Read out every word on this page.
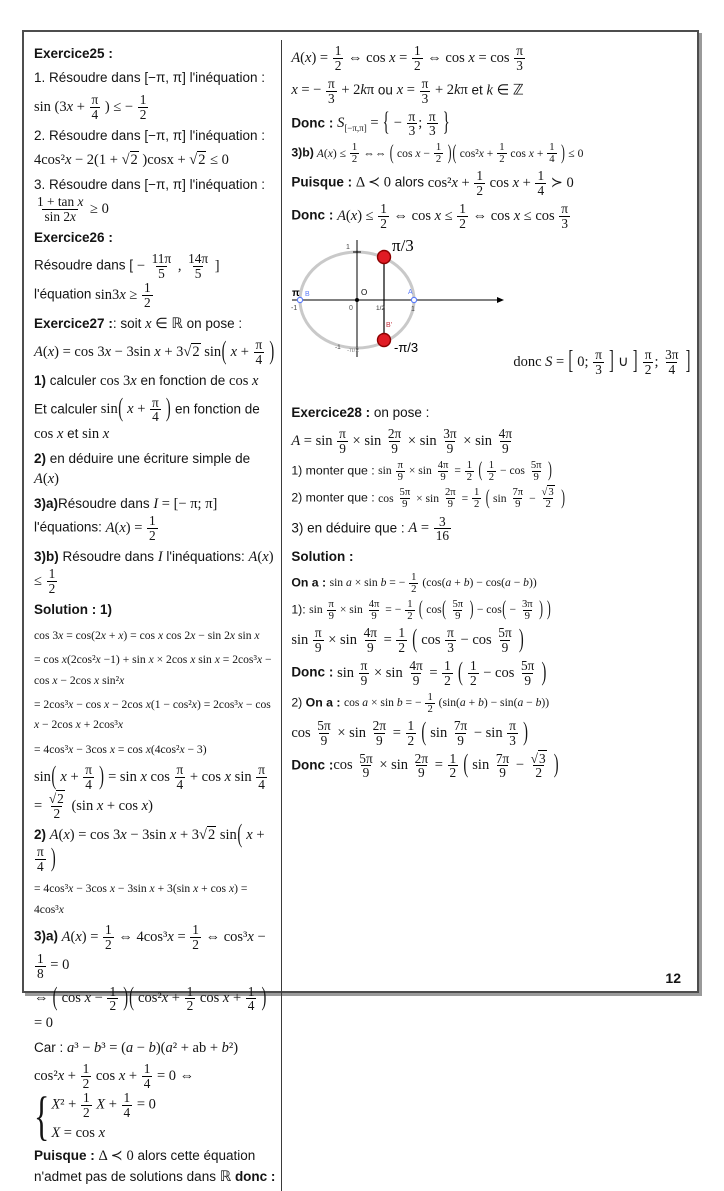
Exercice25 :
1. Résoudre dans [−π, π] l'inéquation :
$\sin (3x + \frac{\pi}{4}$ ) ≤ − $\frac{1}{2}$
2. Résoudre dans [−π, π] l'inéquation :
4cos²x − 2(1 + √2 )cosx + √2 ≤ 0
3. Résoudre dans [−π, π] l'inéquation :
$\frac{\text{1 + tan x}}{\sin 2x} \ge 0$
Exercice26 :
Résoudre dans [ − $\frac{11\pi}{5}$ , $\frac{14\pi}{5}$ ] l'équation $\sin 3x \ge \frac{1}{2}$
Exercice27 :: soit x ∈ ℝ on pose :
A(x) = cos 3x − 3sin x + 3√2 sin( $x + \frac{\pi}{4}$ )
1) calculer cos 3x en fonction de cos x
Et calculer sin( $x + \frac{\pi}{4}$ ) en fonction de cos x et sin x
2) en déduire une écriture simple de A(x)
3)a)Résoudre dans I = [− π; π] l'équations: $A(x) = \frac{1}{2}$
3)b) Résoudre dans I l'inéquations: $A(x) \le \frac{1}{2}$
Solution : 1)
cos 3x = cos(2x + x) = cos x cos 2x − sin 2x sin x
= cos x(2cos²x −1) + sin x × 2cos x sin x = 2cos³x − cos x − 2cos x sin²x
= 2cos³x − cos x − 2cos x(1 − cos²x) = 2cos³x − cos x − 2cos x + 2cos³x
= 4cos³x − 3cos x = cos x(4cos²x − 3)
sin( $x + \frac{\pi}{4}$ ) = sin x $\cos \frac{\pi}{4} + \cos x$ $\sin \frac{\pi}{4}$
= $\frac{√2}{2} (\sin$ x + cos x)
2) A(x) = cos 3x − 3sin x + 3√2 sin( x +
$\frac{\pi}{4}$ )
= 4cos³x − 3cos x − 3sin x + 3(sin x + cos x) = 4cos³x
3)a) $A(x) = \frac{1}{2}$ ⇔ $4\cos^3x = \frac{1}{2}$ ⇔ cos³x −
$\frac{1}{8} = 0$
⇔ ( $\cos x - \frac{1}{2}$ )( $\cos^2x + \frac{1}{2}$ $\cos x + \frac{1}{4}$ ) = 0
Car : a³ − b³ = (a − b)(a² + ab + b²)
$\cos^2x + \frac{1}{2}$ $\cos x + \frac{1}{4} = 0$ ⇔
{ $X^2 + \frac{1}{2}$ $X + \frac{1}{4} = 0$
X = cos x
Puisque : Δ ≺ 0 alors cette équation n'admet pas de solutions dans ℝ donc :
$A(x) = \frac{1}{2}$ ⇔ $\cos x = \frac{1}{2}$ ⇔ $\cos x = \cos \frac{\pi}{3}$
x = − $\frac{\pi}{3} + 2k\pi$ ou $x = \frac{\pi}{3} + 2k\pi$ et k ∈ ℤ
Donc : $S_{[-\pi,\pi]}$ = { − $\frac{\pi}{3}$ ; $\frac{\pi}{3}$ }
3)b) $A(x) \le \frac{1}{2}$ ⇔⇔ ( $\cos x - \frac{1}{2}$ )( $\cos^2x + \frac{1}{2}$ $\cos x + \frac{1}{4}$ ) ≤ 0
Puisque : Δ ≺ 0 alors $\cos^2x + \frac{1}{2}$ $\cos x + \frac{1}{4}$ ≻ 0
Donc : $A(x) \le \frac{1}{2}$ ⇔ $\cos x \le \frac{1}{2}$ ⇔ $\cos x \le \cos \frac{\pi}{3}$
π/3
-π/3
B'
O
0
1
π B
-1
A
1
1/2
-1 -π/2
donc S = [ 0; $\frac{\pi}{3}$ ] ∪ ] $\frac{\pi}{2}$ ; $\frac{3\pi}{4}$ ]
Exercice28 : on pose :
$A = \sin \frac{\pi}{9} \times \sin \frac{2\pi}{9} \times \sin \frac{3\pi}{9} \times \sin \frac{4\pi}{9}$
1) monter que : $\sin \frac{\pi}{9} \times \sin \frac{4\pi}{9} = \frac{1}{2}$ ( $\frac{1}{2} - \cos \frac{5\pi}{9}$ )
2) monter que : $\cos \frac{5\pi}{9} \times \sin \frac{2\pi}{9} = \frac{1}{2}$ ( $\sin \frac{7\pi}{9} - \frac{√3}{2}$ )
3) en déduire que : $A = \frac{3}{16}$
Solution :
On a : sin a × sin b = − $\frac{1}{2} (\cos(a + b) - \cos(a - b))$
1): $\sin \frac{\pi}{9} \times \sin \frac{4\pi}{9}$ = − $\frac{1}{2}$ ( $\cos( \frac{5\pi}{9}$ ) − $\cos( - \frac{3\pi}{9}$ ) )
$\sin \frac{\pi}{9} \times \sin \frac{4\pi}{9} = \frac{1}{2}$ ( $\cos \frac{\pi}{3} - \cos \frac{5\pi}{9}$ )
Donc : $\sin \frac{\pi}{9} \times \sin \frac{4\pi}{9} = \frac{1}{2}$ ( $\frac{1}{2} - \cos \frac{5\pi}{9}$ )
2) On a : cos a × sin b = − $\frac{1}{2} (\sin(a + b) - \sin(a - b))$
$\cos \frac{5\pi}{9} \times \sin \frac{2\pi}{9} = \frac{1}{2}$ ( $\sin \frac{7\pi}{9} - \sin \frac{\pi}{3}$ )
Donc :cos $\frac{5\pi}{9} \times \sin \frac{2\pi}{9} = \frac{1}{2}$ ( $\sin \frac{7\pi}{9} - \frac{√3}{2}$ )
12
